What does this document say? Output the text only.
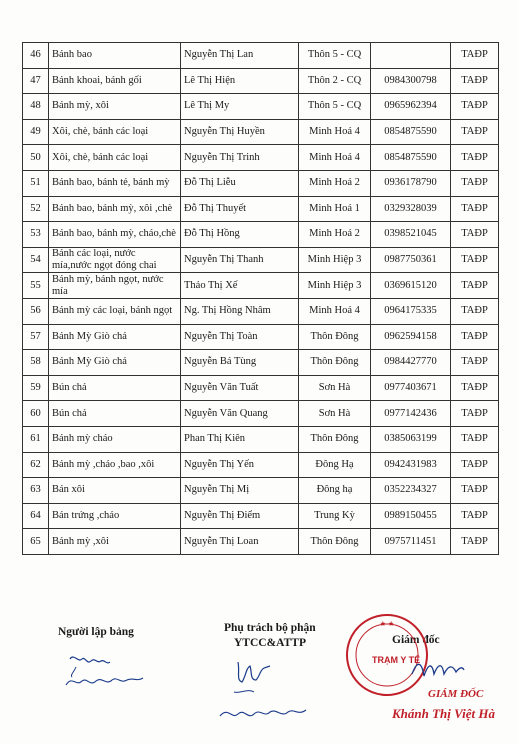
46	Bánh bao	Nguyễn Thị Lan	Thôn 5 - CQ		TAĐP
47	Bánh khoai, bánh gối	Lê Thị Hiện	Thôn 2 - CQ	0984300798	TAĐP
48	Bánh mỳ, xôi	Lê Thị My	Thôn 5 - CQ	0965962394	TAĐP
49	Xôi, chè, bánh các loại	Nguyễn Thị Huyền	Minh Hoá 4	0854875590	TAĐP
50	Xôi, chè, bánh các loại	Nguyễn Thị Trinh	Minh Hoá 4	0854875590	TAĐP
51	Bánh bao, bánh tẻ, bánh mỳ	Đỗ Thị Liễu	Minh Hoá 2	0936178790	TAĐP
52	Bánh bao, bánh mỳ, xôi ,chè	Đỗ Thị Thuyết	Minh Hoá 1	0329328039	TAĐP
53	Bánh bao, bánh mỳ, cháo,chè	Đỗ Thị Hồng	Minh Hoá 2	0398521045	TAĐP
54	Bánh các loại, nước mía,nước ngọt đóng chai	Nguyễn Thị Thanh	Minh Hiệp 3	0987750361	TAĐP
55	Bánh mỳ, bánh ngọt, nước mía	Thảo Thị Xế	Minh Hiệp 3	0369615120	TAĐP
56	Bánh mỳ các loại, bánh ngọt	Ng. Thị Hồng Nhâm	Minh Hoá 4	0964175335	TAĐP
57	Bánh Mỳ Giò chả	Nguyễn Thị Toàn	Thôn Đông	0962594158	TAĐP
58	Bánh Mỳ Giò chả	Nguyễn Bá Tùng	Thôn Đông	0984427770	TAĐP
59	Bún chả	Nguyễn Văn Tuất	Sơn Hà	0977403671	TAĐP
60	Bún chả	Nguyễn Văn Quang	Sơn Hà	0977142436	TAĐP
61	Bánh mỳ cháo	Phan Thị Kiên	Thôn Đông	0385063199	TAĐP
62	Bánh mỳ ,cháo ,bao ,xôi	Nguyễn Thị Yến	Đông Hạ	0942431983	TAĐP
63	Bán xôi	Nguyễn Thị Mị	Đông hạ	0352234327	TAĐP
64	Bán trứng ,cháo	Nguyễn Thị Điểm	Trung Kỳ	0989150455	TAĐP
65	Bánh mỳ ,xôi	Nguyễn Thị Loan	Thôn Đông	0975711451	TAĐP
Người lập bảng	Phụ trách bộ phận
YTCC&ATTP	Giám đốc
★ ★
TRẠM Y TẾ
GIÁM ĐỐC
Khánh Thị Việt Hà
